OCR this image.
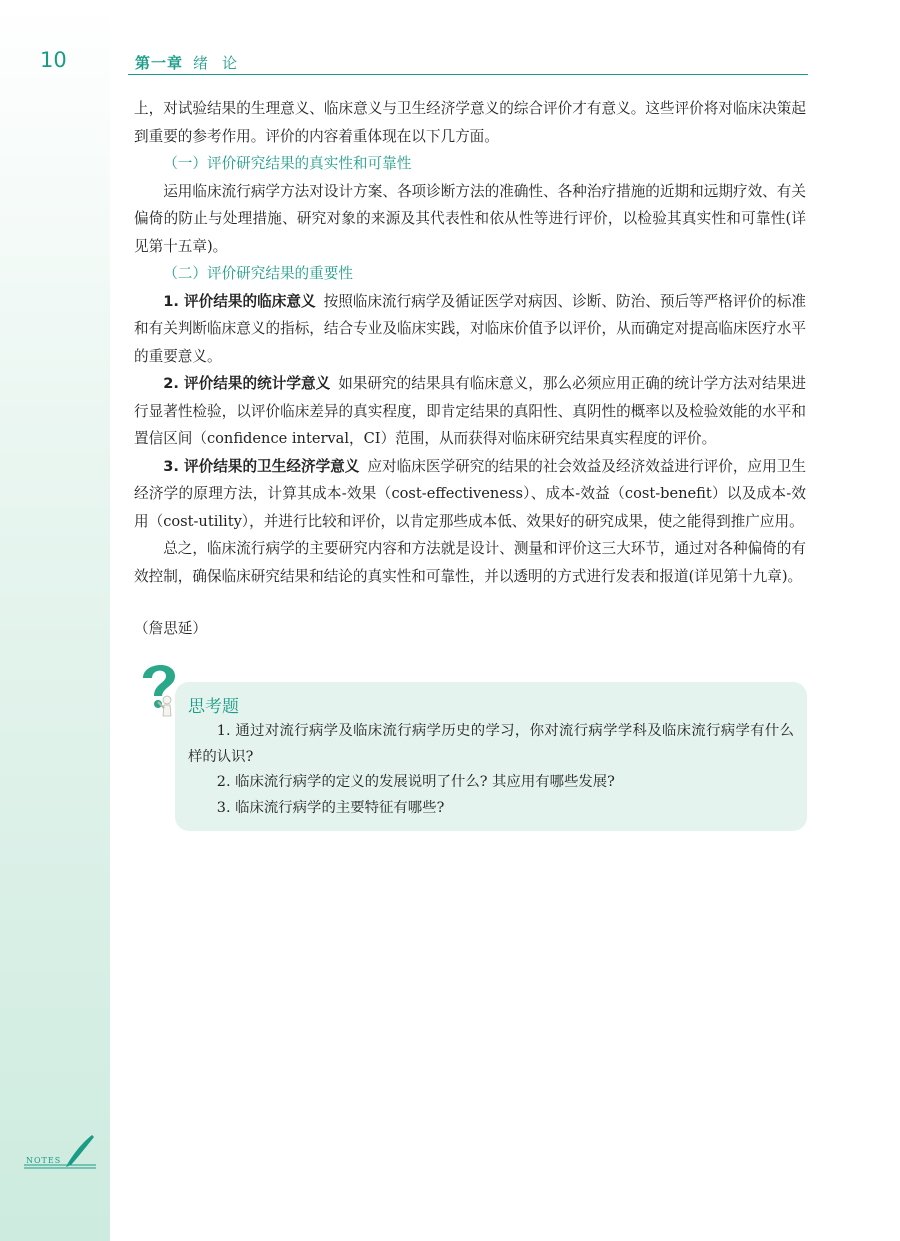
10	第一章 绪论

上，对试验结果的生理意义、临床意义与卫生经济学意义的综合评价才有意义。这些评价将对临床决策起到重要的参考作用。评价的内容着重体现在以下几方面。

（一）评价研究结果的真实性和可靠性

运用临床流行病学方法对设计方案、各项诊断方法的准确性、各种治疗措施的近期和远期疗效、有关偏倚的防止与处理措施、研究对象的来源及其代表性和依从性等进行评价，以检验其真实性和可靠性(详见第十五章)。

（二）评价研究结果的重要性

1. 评价结果的临床意义 按照临床流行病学及循证医学对病因、诊断、防治、预后等严格评价的标准和有关判断临床意义的指标，结合专业及临床实践，对临床价值予以评价，从而确定对提高临床医疗水平的重要意义。

2. 评价结果的统计学意义 如果研究的结果具有临床意义，那么必须应用正确的统计学方法对结果进行显著性检验，以评价临床差异的真实程度，即肯定结果的真阳性、真阴性的概率以及检验效能的水平和置信区间（confidence interval，CI）范围，从而获得对临床研究结果真实程度的评价。

3. 评价结果的卫生经济学意义 应对临床医学研究的结果的社会效益及经济效益进行评价，应用卫生经济学的原理方法，计算其成本-效果（cost-effectiveness）、成本-效益（cost-benefit）以及成本-效用（cost-utility），并进行比较和评价，以肯定那些成本低、效果好的研究成果，使之能得到推广应用。

总之，临床流行病学的主要研究内容和方法就是设计、测量和评价这三大环节，通过对各种偏倚的有效控制，确保临床研究结果和结论的真实性和可靠性，并以透明的方式进行发表和报道(详见第十九章)。

（詹思延）

思考题

1. 通过对流行病学及临床流行病学历史的学习，你对流行病学学科及临床流行病学有什么样的认识?

2. 临床流行病学的定义的发展说明了什么? 其应用有哪些发展?

3. 临床流行病学的主要特征有哪些?

NOTES
